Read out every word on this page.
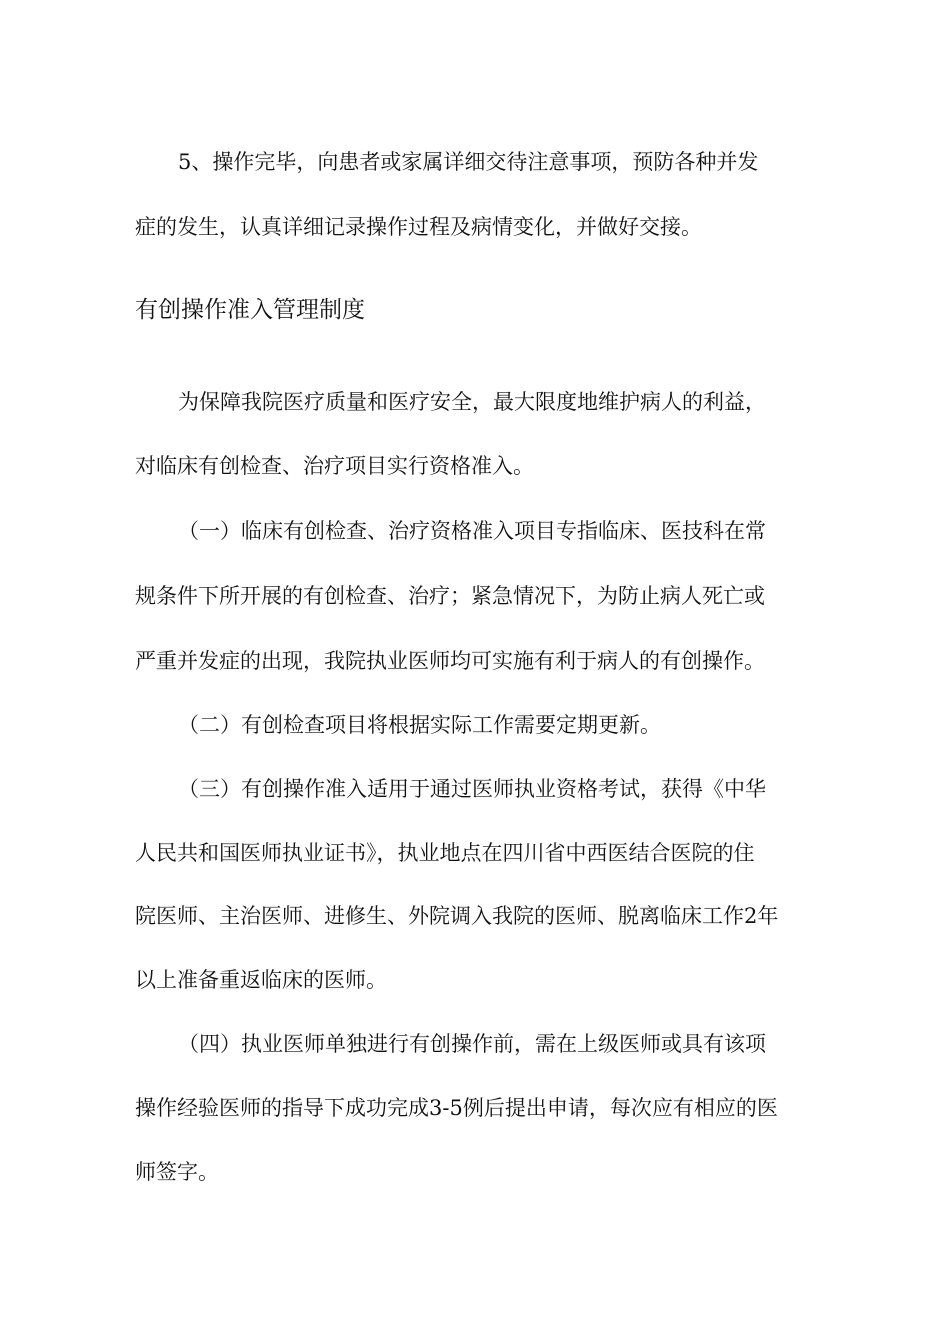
5、操作完毕，向患者或家属详细交待注意事项，预防各种并发
症的发生，认真详细记录操作过程及病情变化，并做好交接。
有创操作准入管理制度
为保障我院医疗质量和医疗安全，最大限度地维护病人的利益，
对临床有创检查、治疗项目实行资格准入。
（一）临床有创检查、治疗资格准入项目专指临床、医技科在常
规条件下所开展的有创检查、治疗；紧急情况下，为防止病人死亡或
严重并发症的出现，我院执业医师均可实施有利于病人的有创操作。
（二）有创检查项目将根据实际工作需要定期更新。
（三）有创操作准入适用于通过医师执业资格考试，获得《中华
人民共和国医师执业证书》，执业地点在四川省中西医结合医院的住
院医师、主治医师、进修生、外院调入我院的医师、脱离临床工作2年
以上准备重返临床的医师。
（四）执业医师单独进行有创操作前，需在上级医师或具有该项
操作经验医师的指导下成功完成3-5例后提出申请，每次应有相应的医
师签字。
